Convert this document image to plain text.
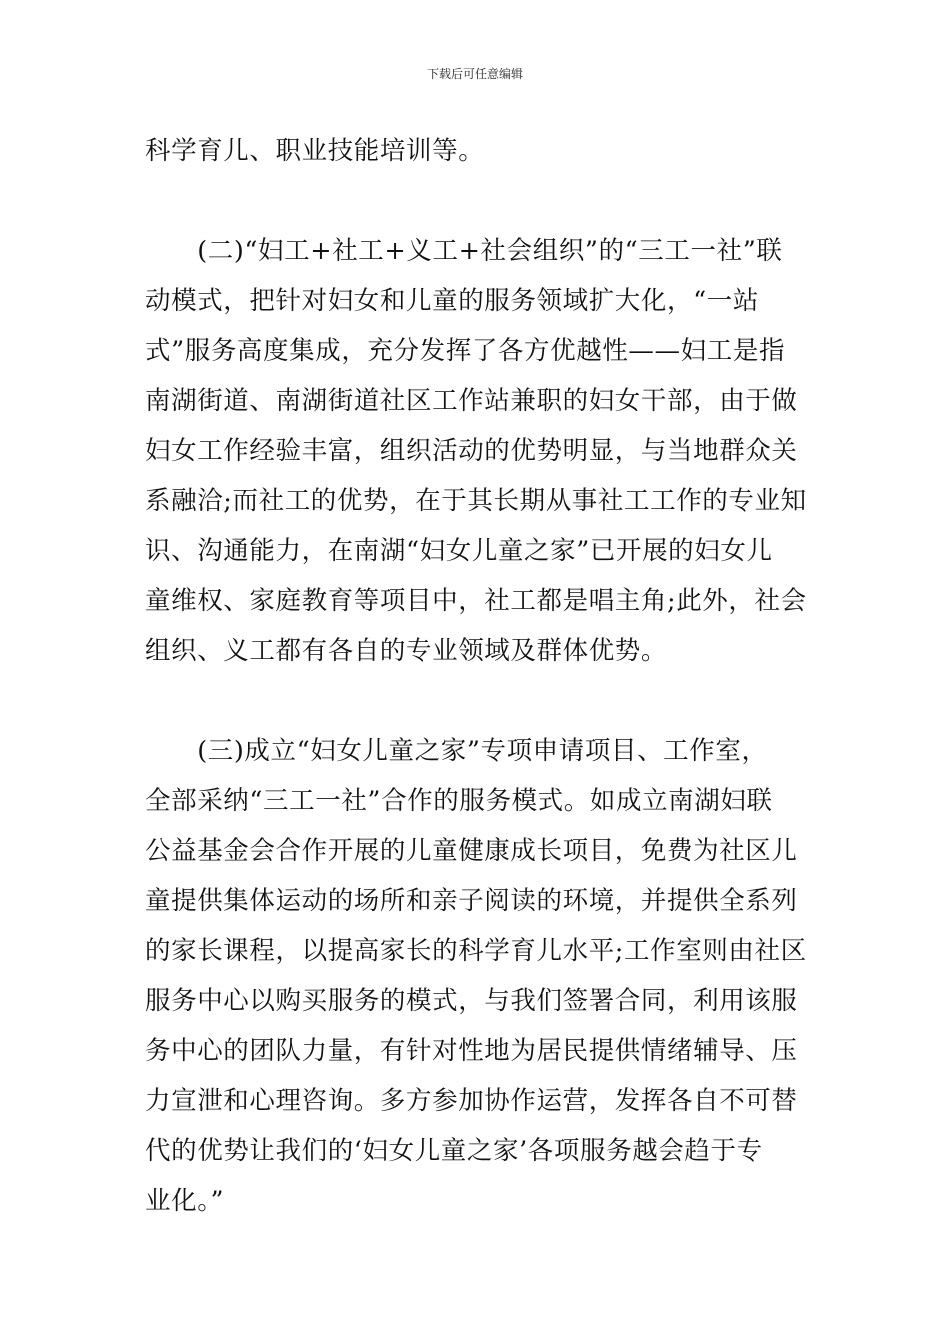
下载后可任意编辑
科学育儿、职业技能培训等。
　　(二)“妇工+社工+义工+社会组织”的“三工一社”联
动模式，把针对妇女和儿童的服务领域扩大化，“一站
式”服务高度集成，充分发挥了各方优越性——妇工是指
南湖街道、南湖街道社区工作站兼职的妇女干部，由于做
妇女工作经验丰富，组织活动的优势明显，与当地群众关
系融洽;而社工的优势，在于其长期从事社工工作的专业知
识、沟通能力，在南湖“妇女儿童之家”已开展的妇女儿
童维权、家庭教育等项目中，社工都是唱主角;此外，社会
组织、义工都有各自的专业领域及群体优势。
　　(三)成立“妇女儿童之家”专项申请项目、工作室，
全部采纳“三工一社”合作的服务模式。如成立南湖妇联
公益基金会合作开展的儿童健康成长项目，免费为社区儿
童提供集体运动的场所和亲子阅读的环境，并提供全系列
的家长课程，以提高家长的科学育儿水平;工作室则由社区
服务中心以购买服务的模式，与我们签署合同，利用该服
务中心的团队力量，有针对性地为居民提供情绪辅导、压
力宣泄和心理咨询。多方参加协作运营，发挥各自不可替
代的优势让我们的‘妇女儿童之家’各项服务越会趋于专
业化。”
